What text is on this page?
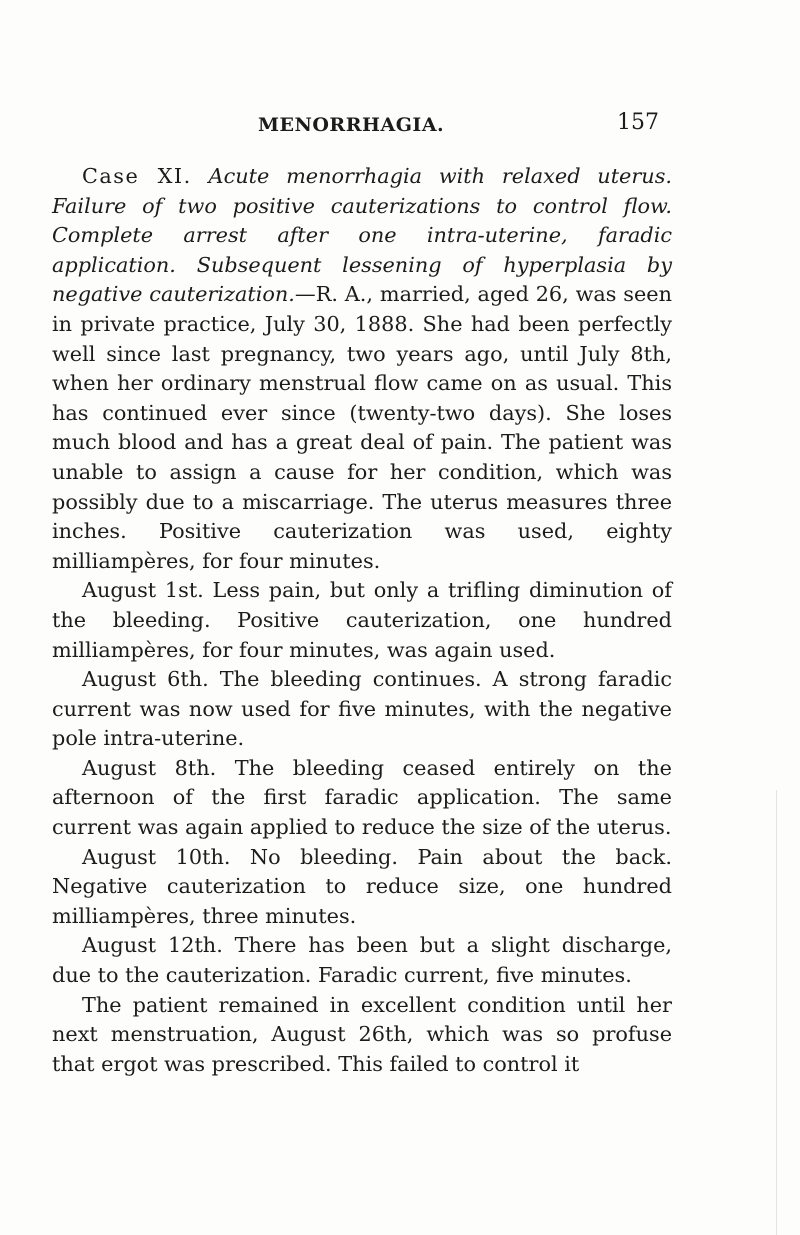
MENORRHAGIA.	157

Case XI. Acute menorrhagia with relaxed uterus. Failure of two positive cauterizations to control flow. Complete arrest after one intra-uterine, faradic application. Subsequent lessening of hyperplasia by negative cauterization.—R. A., married, aged 26, was seen in private practice, July 30, 1888. She had been perfectly well since last pregnancy, two years ago, until July 8th, when her ordinary menstrual flow came on as usual. This has continued ever since (twenty-two days). She loses much blood and has a great deal of pain. The patient was unable to assign a cause for her condition, which was possibly due to a miscarriage. The uterus measures three inches. Positive cauterization was used, eighty milliampères, for four minutes.

August 1st. Less pain, but only a trifling diminution of the bleeding. Positive cauterization, one hundred milliampères, for four minutes, was again used.

August 6th. The bleeding continues. A strong faradic current was now used for five minutes, with the negative pole intra-uterine.

August 8th. The bleeding ceased entirely on the afternoon of the first faradic application. The same current was again applied to reduce the size of the uterus.

August 10th. No bleeding. Pain about the back. Negative cauterization to reduce size, one hundred milliampères, three minutes.

August 12th. There has been but a slight discharge, due to the cauterization. Faradic current, five minutes.

The patient remained in excellent condition until her next menstruation, August 26th, which was so profuse that ergot was prescribed. This failed to control it
